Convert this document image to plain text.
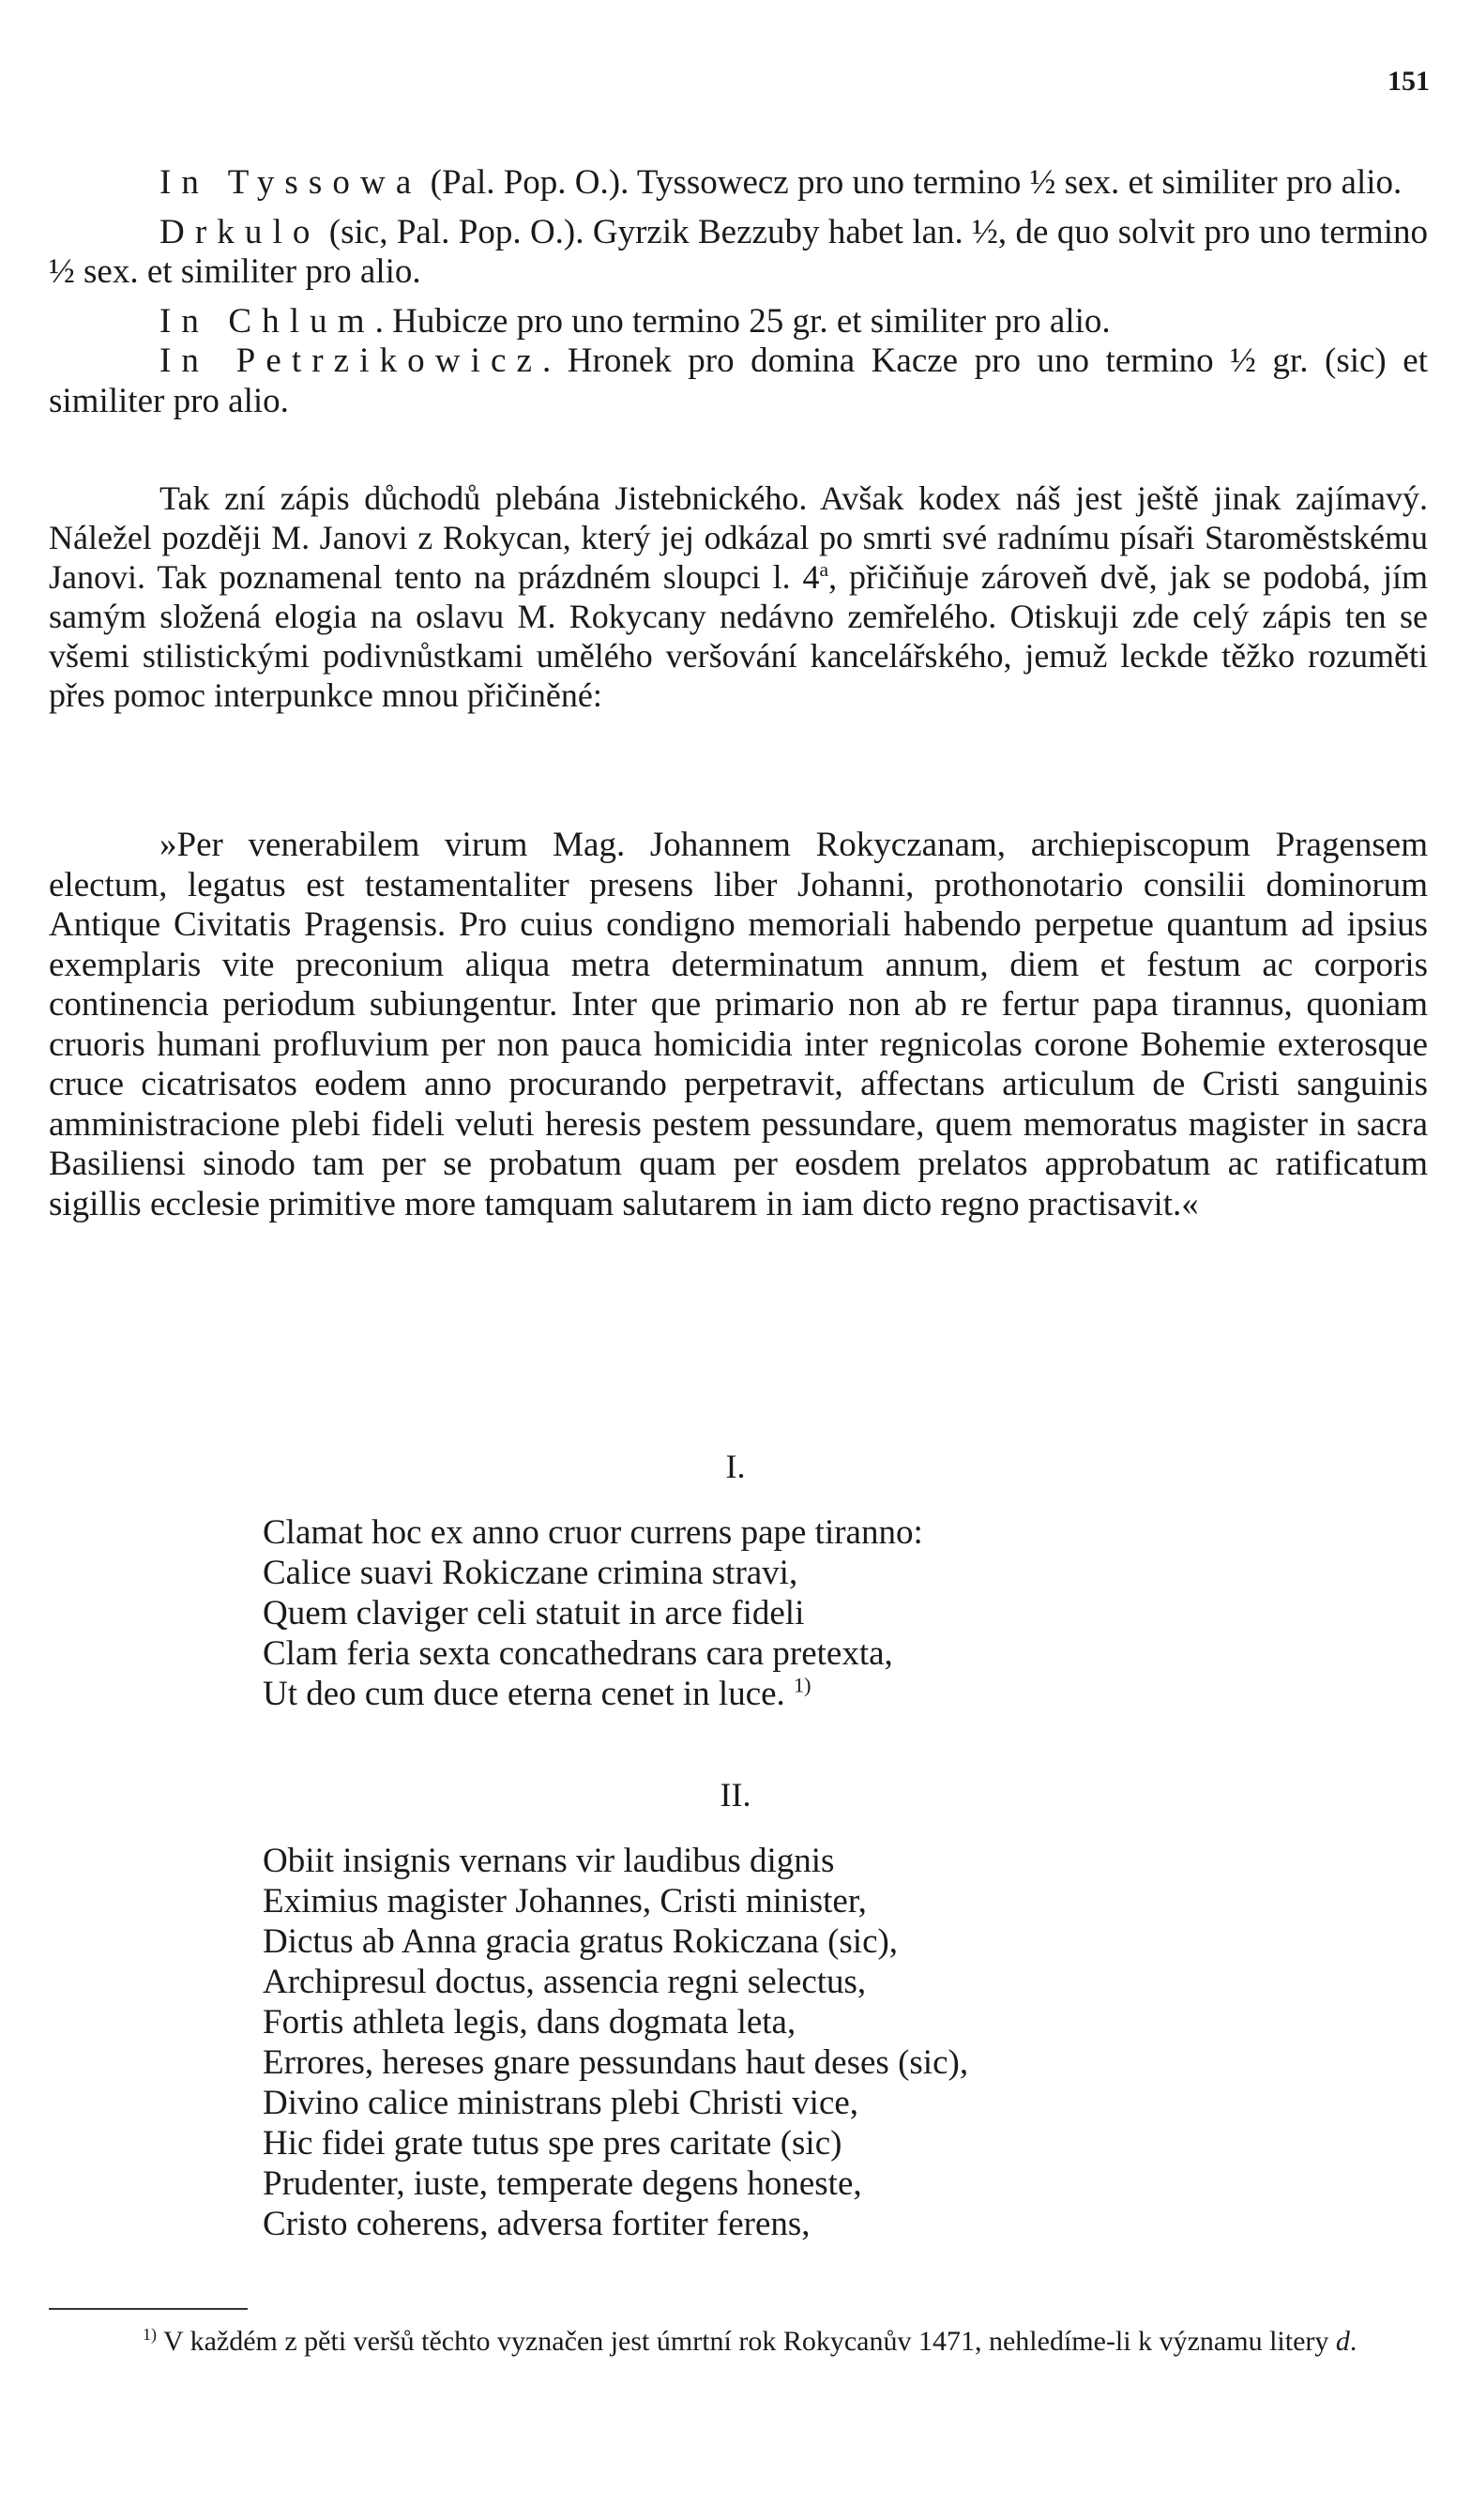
151

In Tyssowa (Pal. Pop. O.). Tyssowecz pro uno termino ½ sex. et similiter pro alio.

Drkulo (sic, Pal. Pop. O.). Gyrzik Bezzuby habet lan. ½, de quo solvit pro uno termino ½ sex. et similiter pro alio.

In Chlum. Hubicze pro uno termino 25 gr. et similiter pro alio.

In Petrzikowicz. Hronek pro domina Kacze pro uno termino ½ gr. (sic) et similiter pro alio.

Tak zní zápis důchodů plebána Jistebnického. Avšak kodex náš jest ještě jinak zajímavý. Náležel později M. Janovi z Rokycan, který jej odkázal po smrti své radnímu písaři Staroměstskému Janovi. Tak poznamenal tento na prázdném sloupci l. 4$^a$, přičiňuje zároveň dvě, jak se podobá, jím samým složená elogia na oslavu M. Rokycany nedávno zemřelého. Otiskuji zde celý zápis ten se všemi stilistickými podivnůstkami umělého veršování kancelářského, jemuž leckde těžko rozuměti přes pomoc interpunkce mnou přičiněné:

»Per venerabilem virum Mag. Johannem Rokyczanam, archiepiscopum Pragensem electum, legatus est testamentaliter presens liber Johanni, prothonotario consilii dominorum Antique Civitatis Pragensis. Pro cuius condigno memoriali habendo perpetue quantum ad ipsius exemplaris vite preconium aliqua metra determinatum annum, diem et festum ac corporis continencia periodum subiungentur. Inter que primario non ab re fertur papa tirannus, quoniam cruoris humani profluvium per non pauca homicidia inter regnicolas corone Bohemie exterosque cruce cicatrisatos eodem anno procurando perpetravit, affectans articulum de Cristi sanguinis amministracione plebi fideli veluti heresis pestem pessundare, quem memoratus magister in sacra Basiliensi sinodo tam per se probatum quam per eosdem prelatos approbatum ac ratificatum sigillis ecclesie primitive more tamquam salutarem in iam dicto regno practisavit.«

I.
Clamat hoc ex anno cruor currens pape tiranno:
Calice suavi Rokiczane crimina stravi,
Quem claviger celi statuit in arce fideli
Clam feria sexta concathedrans cara pretexta,
Ut deo cum duce eterna cenet in luce. $^{1)}$
II.
Obiit insignis vernans vir laudibus dignis
Eximius magister Johannes, Cristi minister,
Dictus ab Anna gracia gratus Rokiczana (sic),
Archipresul doctus, assencia regni selectus,
Fortis athleta legis, dans dogmata leta,
Errores, hereses gnare pessundans haut deses (sic),
Divino calice ministrans plebi Christi vice,
Hic fidei grate tutus spe pres caritate (sic)
Prudenter, iuste, temperate degens honeste,
Cristo coherens, adversa fortiter ferens,

$^{1)}$ V každém z pěti veršů těchto vyznačen jest úmrtní rok Rokycanův 1471, nehledíme-li k významu litery d.
